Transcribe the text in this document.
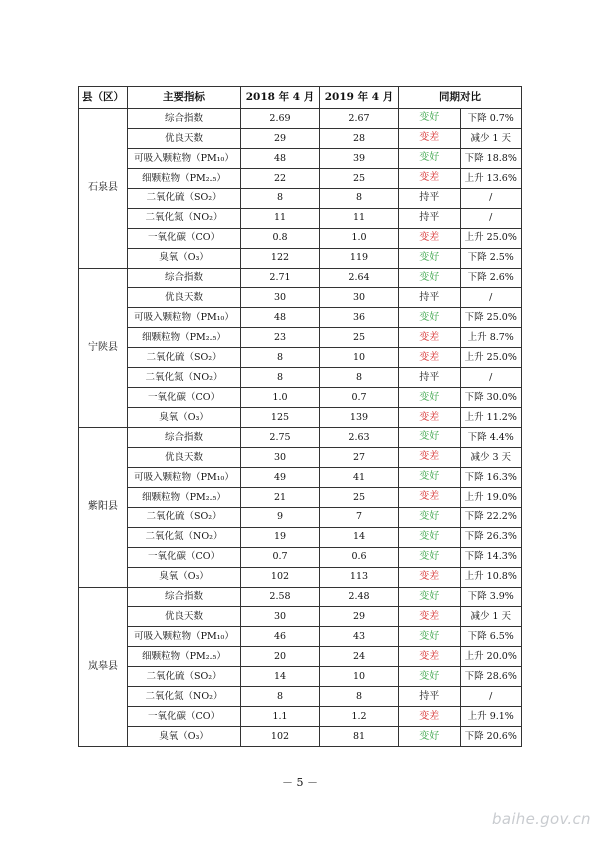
县（区）	主要指标	2018 年 4 月	2019 年 4 月	同期对比	
石泉县	综合指数	2.69	2.67	变好	下降 0.7%
	优良天数	29	28	变差	减少 1 天
	可吸入颗粒物（PM₁₀）	48	39	变好	下降 18.8%
	细颗粒物（PM₂.₅）	22	25	变差	上升 13.6%
	二氧化硫（SO₂）	8	8	持平	/
	二氧化氮（NO₂）	11	11	持平	/
	一氧化碳（CO）	0.8	1.0	变差	上升 25.0%
	臭氧（O₃）	122	119	变好	下降 2.5%
宁陕县	综合指数	2.71	2.64	变好	下降 2.6%
	优良天数	30	30	持平	/
	可吸入颗粒物（PM₁₀）	48	36	变好	下降 25.0%
	细颗粒物（PM₂.₅）	23	25	变差	上升 8.7%
	二氧化硫（SO₂）	8	10	变差	上升 25.0%
	二氧化氮（NO₂）	8	8	持平	/
	一氧化碳（CO）	1.0	0.7	变好	下降 30.0%
	臭氧（O₃）	125	139	变差	上升 11.2%
紫阳县	综合指数	2.75	2.63	变好	下降 4.4%
	优良天数	30	27	变差	减少 3 天
	可吸入颗粒物（PM₁₀）	49	41	变好	下降 16.3%
	细颗粒物（PM₂.₅）	21	25	变差	上升 19.0%
	二氧化硫（SO₂）	9	7	变好	下降 22.2%
	二氧化氮（NO₂）	19	14	变好	下降 26.3%
	一氧化碳（CO）	0.7	0.6	变好	下降 14.3%
	臭氧（O₃）	102	113	变差	上升 10.8%
岚皋县	综合指数	2.58	2.48	变好	下降 3.9%
	优良天数	30	29	变差	减少 1 天
	可吸入颗粒物（PM₁₀）	46	43	变好	下降 6.5%
	细颗粒物（PM₂.₅）	20	24	变差	上升 20.0%
	二氧化硫（SO₂）	14	10	变好	下降 28.6%
	二氧化氮（NO₂）	8	8	持平	/
	一氧化碳（CO）	1.1	1.2	变差	上升 9.1%
	臭氧（O₃）	102	81	变好	下降 20.6%
－ 5 －
baihe.gov.cn
